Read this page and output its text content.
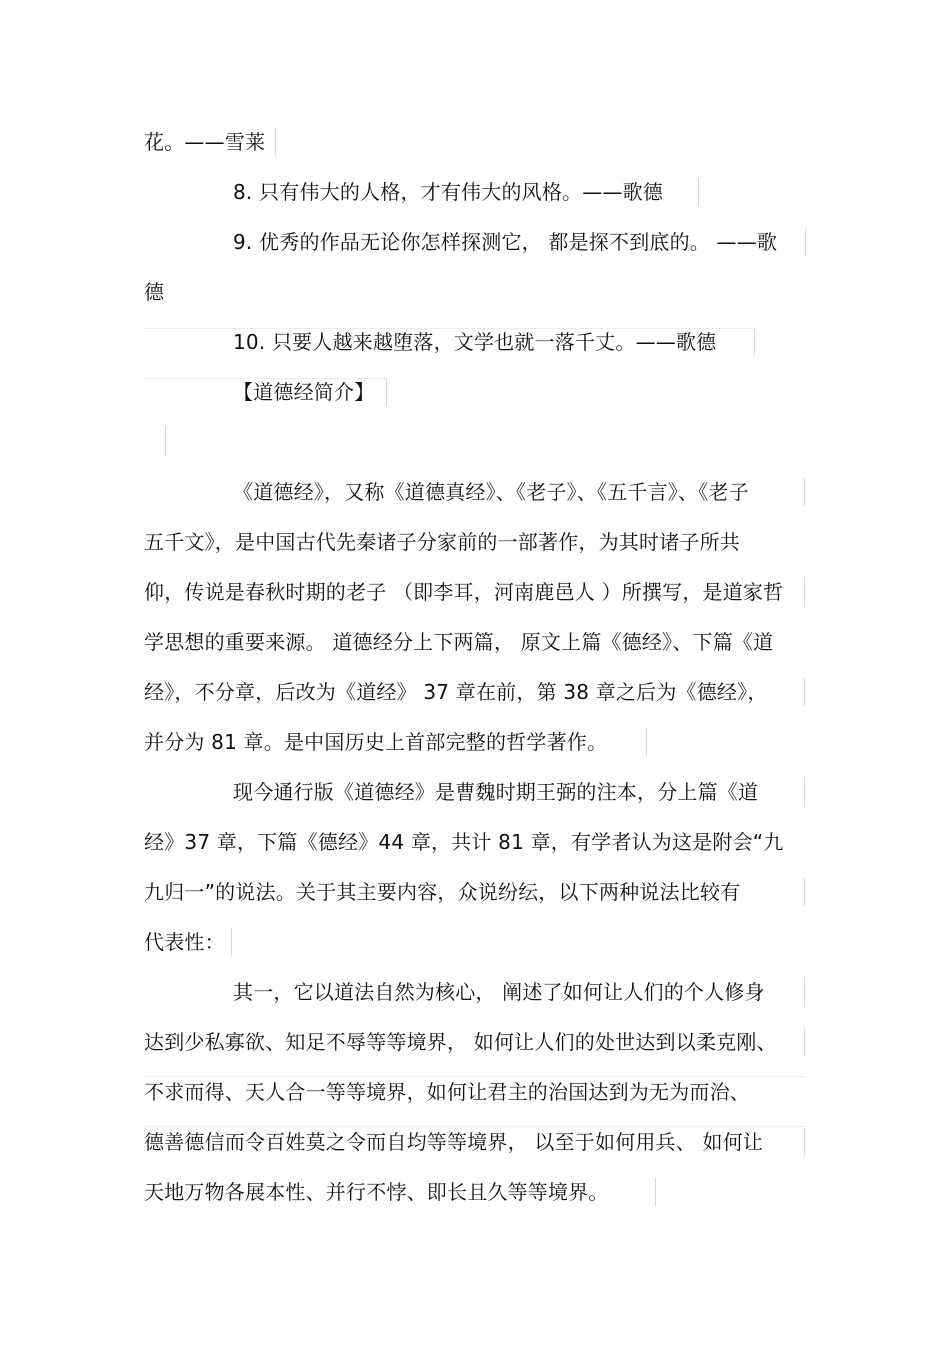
花。——雪莱
8. 只有伟大的人格，才有伟大的风格。——歌德
9. 优秀的作品无论你怎样探测它， 都是探不到底的。 ——歌
德
10. 只要人越来越堕落，文学也就一落千丈。——歌德
【道德经简介】
《道德经》，又称《道德真经》、《老子》、《五千言》、《老子
五千文》，是中国古代先秦诸子分家前的一部著作，为其时诸子所共
仰，传说是春秋时期的老子 （即李耳，河南鹿邑人 ）所撰写，是道家哲
学思想的重要来源。 道德经分上下两篇， 原文上篇《德经》、下篇《道
经》，不分章，后改为《道经》 37 章在前，第 38 章之后为《德经》，
并分为 81 章。是中国历史上首部完整的哲学著作。
现今通行版《道德经》是曹魏时期王弼的注本，分上篇《道
经》37 章，下篇《德经》44 章，共计 81 章，有学者认为这是附会“九
九归一”的说法。关于其主要内容，众说纷纭，以下两种说法比较有
代表性：
其一，它以道法自然为核心， 阐述了如何让人们的个人修身
达到少私寡欲、知足不辱等等境界， 如何让人们的处世达到以柔克刚、
不求而得、天人合一等等境界，如何让君主的治国达到为无为而治、
德善德信而令百姓莫之令而自均等等境界， 以至于如何用兵、 如何让
天地万物各展本性、并行不悖、即长且久等等境界。
